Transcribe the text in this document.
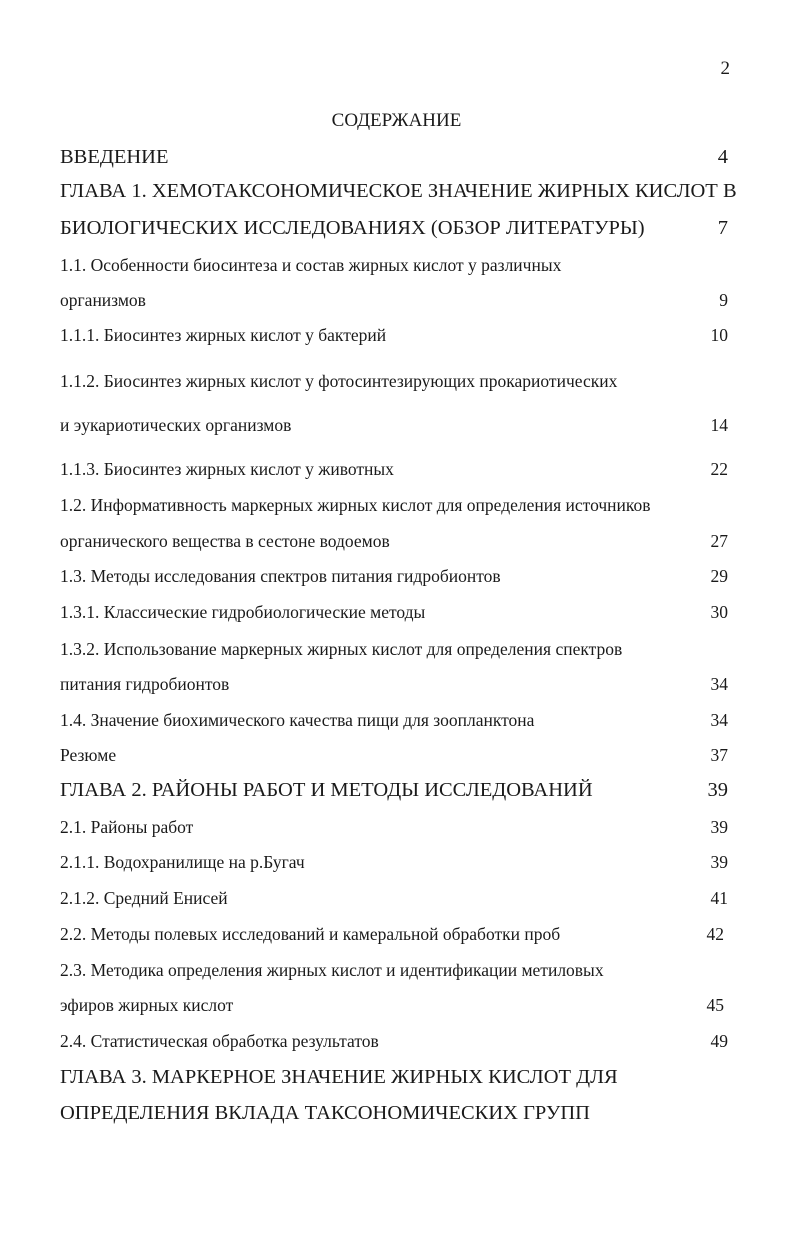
2
СОДЕРЖАНИЕ
ВВЕДЕНИЕ	4
ГЛАВА 1. ХЕМОТАКСОНОМИЧЕСКОЕ ЗНАЧЕНИЕ ЖИРНЫХ КИСЛОТ В
БИОЛОГИЧЕСКИХ ИССЛЕДОВАНИЯХ (ОБЗОР ЛИТЕРАТУРЫ)	7
1.1. Особенности биосинтеза и состав жирных кислот у различных
организмов	9
1.1.1. Биосинтез жирных кислот у бактерий	10
1.1.2. Биосинтез жирных кислот у фотосинтезирующих прокариотических
и эукариотических организмов	14
1.1.3. Биосинтез жирных кислот у животных	22
1.2. Информативность маркерных жирных кислот для определения источников
органического вещества в сестоне водоемов	27
1.3. Методы исследования спектров питания гидробионтов	29
1.3.1. Классические гидробиологические методы	30
1.3.2. Использование маркерных жирных кислот для определения спектров
питания гидробионтов	34
1.4. Значение биохимического качества пищи для зоопланктона	34
Резюме	37
ГЛАВА 2. РАЙОНЫ РАБОТ И МЕТОДЫ ИССЛЕДОВАНИЙ	39
2.1. Районы работ	39
2.1.1. Водохранилище на р.Бугач	39
2.1.2. Средний Енисей	41
2.2. Методы полевых исследований и камеральной обработки проб	42
2.3. Методика определения жирных кислот и идентификации метиловых
эфиров жирных кислот	45
2.4. Статистическая обработка результатов	49
ГЛАВА 3. МАРКЕРНОЕ ЗНАЧЕНИЕ ЖИРНЫХ КИСЛОТ ДЛЯ
ОПРЕДЕЛЕНИЯ ВКЛАДА ТАКСОНОМИЧЕСКИХ ГРУПП
